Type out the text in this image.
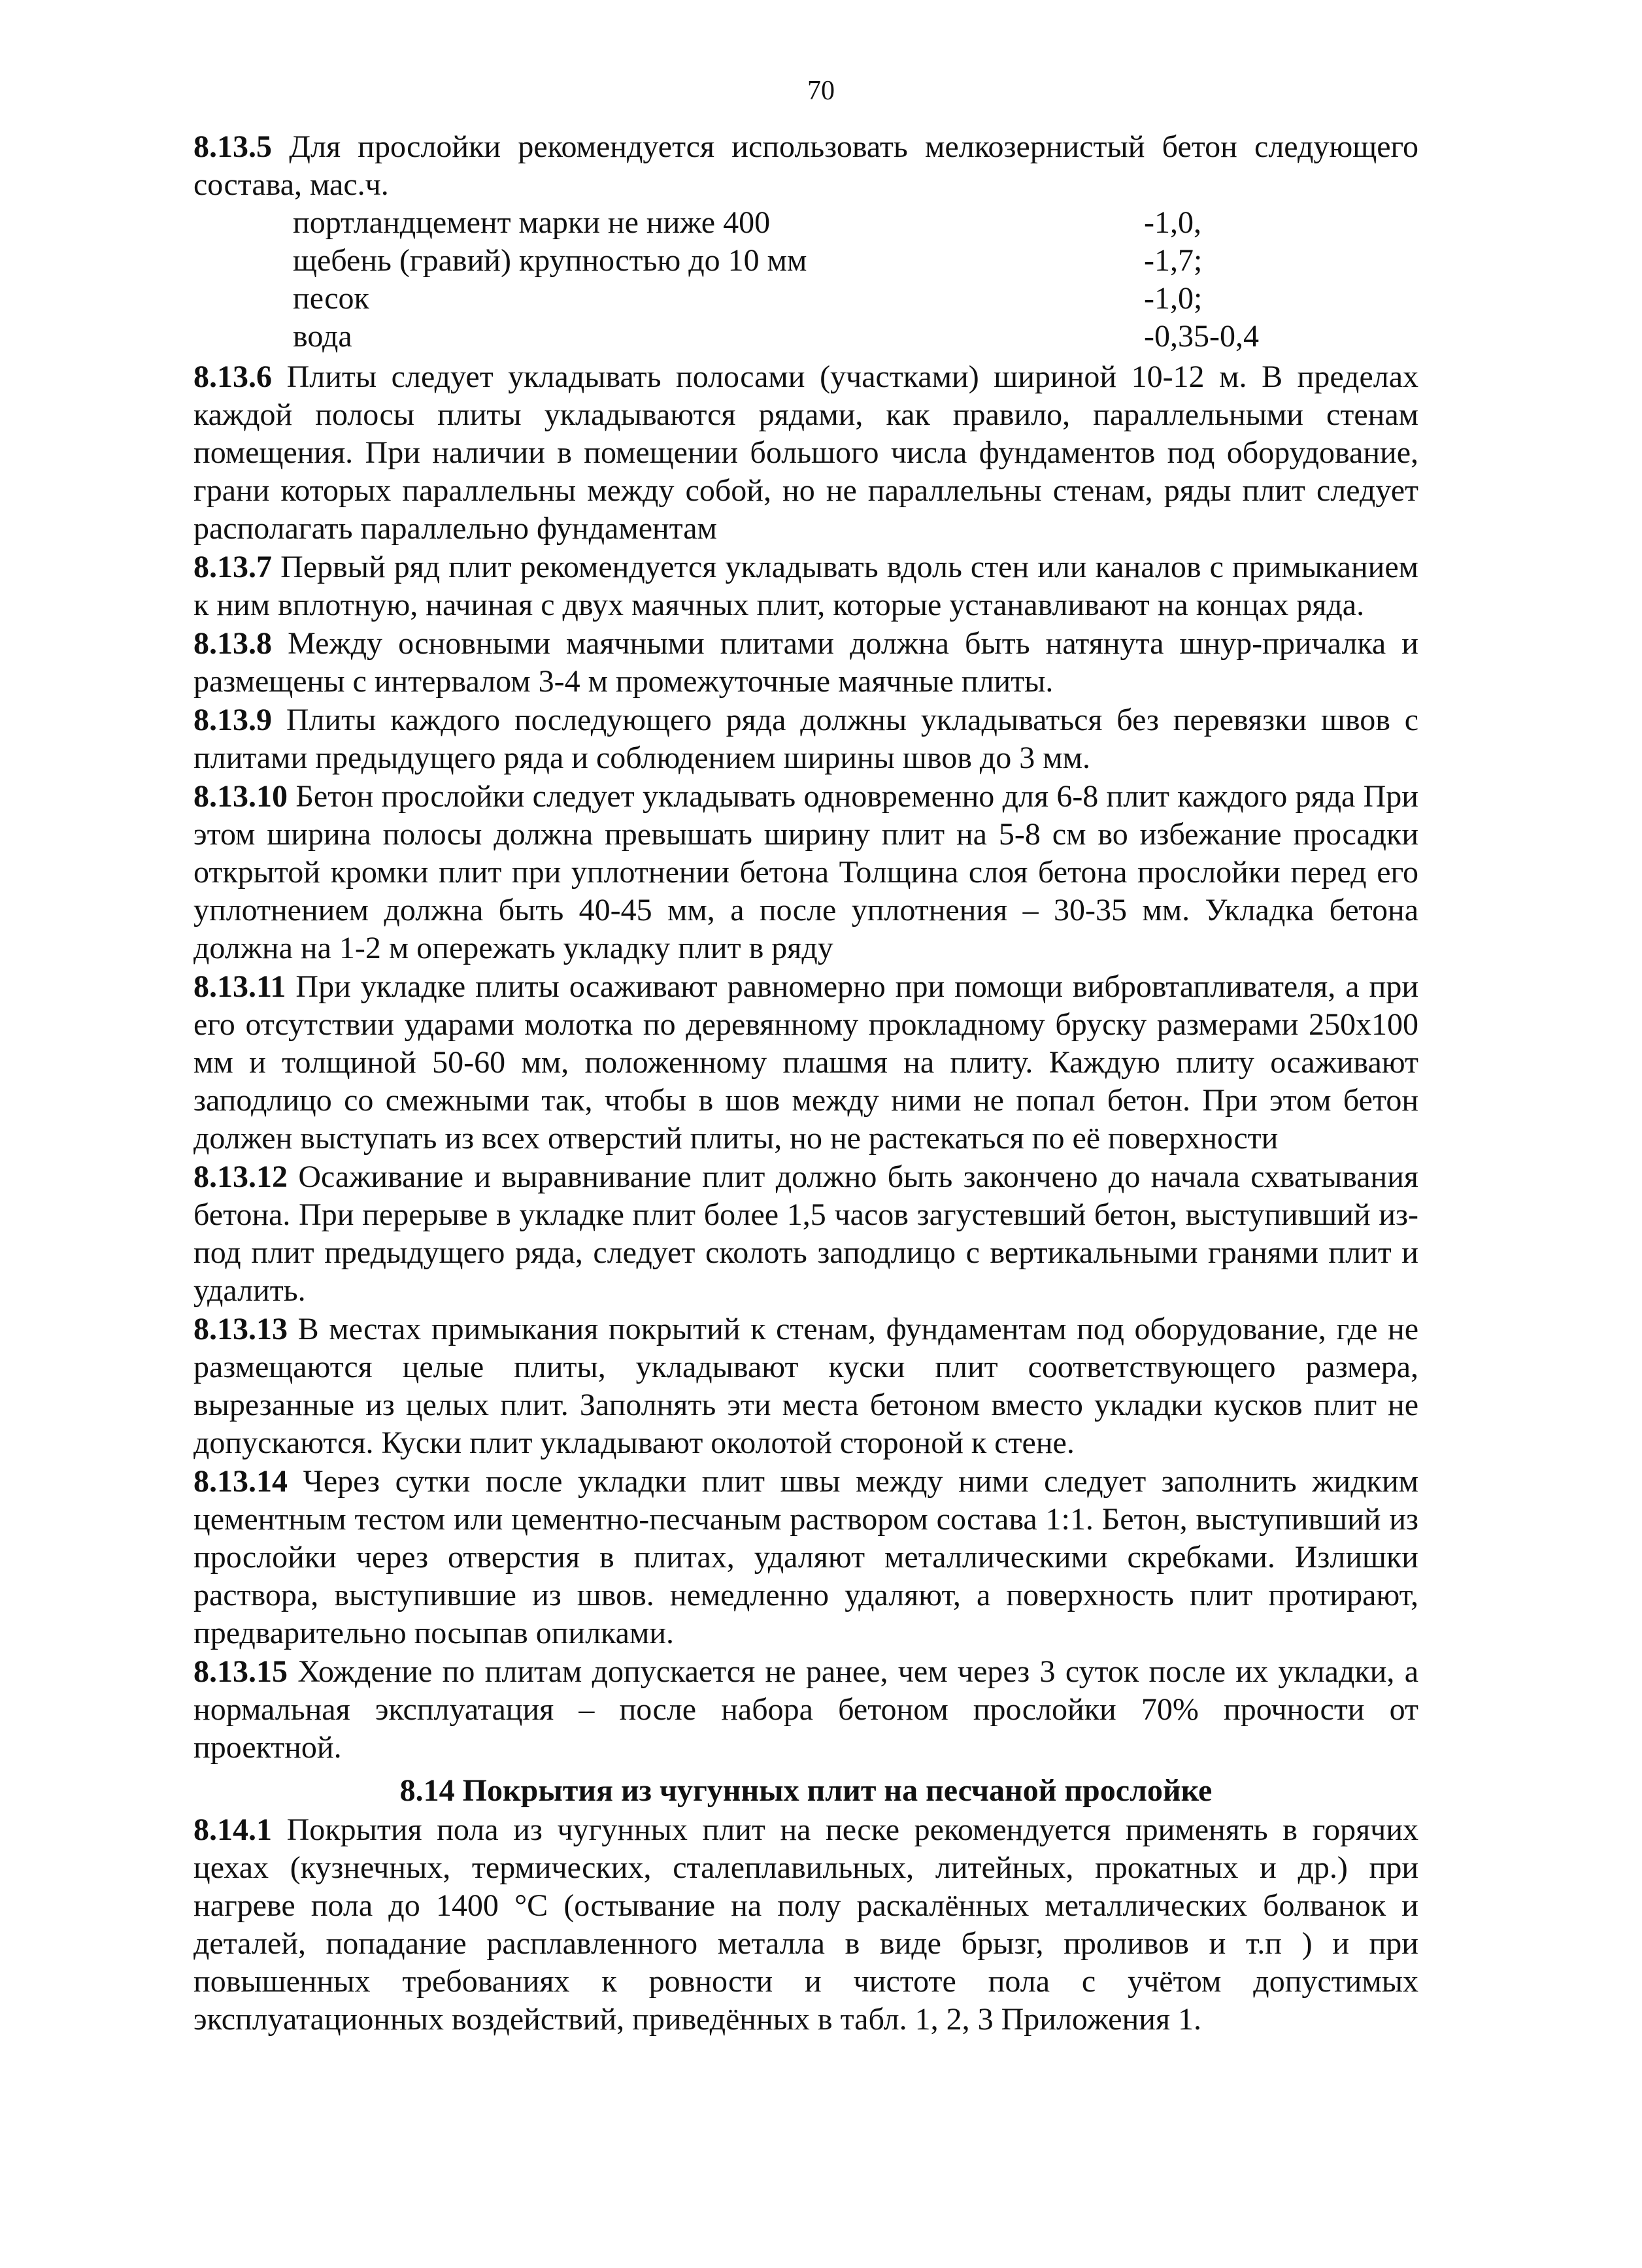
70

8.13.5 Для прослойки рекомендуется использовать мелкозернистый бетон следующего состава, мас.ч.

портландцемент марки не ниже 400	-1,0,
щебень (гравий) крупностью до 10 мм	-1,7;
песок	-1,0;
вода	-0,35-0,4

8.13.6 Плиты следует укладывать полосами (участками) шириной 10-12 м. В пределах каждой полосы плиты укладываются рядами, как правило, параллельными стенам помещения. При наличии в помещении большого числа фундаментов под оборудование, грани которых параллельны между собой, но не параллельны стенам, ряды плит следует располагать параллельно фундаментам

8.13.7 Первый ряд плит рекомендуется укладывать вдоль стен или каналов с примыканием к ним вплотную, начиная с двух маячных плит, которые устанавливают на концах ряда.

8.13.8 Между основными маячными плитами должна быть натянута шнур-причалка и размещены с интервалом 3-4 м промежуточные маячные плиты.

8.13.9 Плиты каждого последующего ряда должны укладываться без перевязки швов с плитами предыдущего ряда и соблюдением ширины швов до 3 мм.

8.13.10 Бетон прослойки следует укладывать одновременно для 6-8 плит каждого ряда При этом ширина полосы должна превышать ширину плит на 5-8 см во избежание просадки открытой кромки плит при уплотнении бетона Толщина слоя бетона прослойки перед его уплотнением должна быть 40-45 мм, а после уплотнения – 30-35 мм. Укладка бетона должна на 1-2 м опережать укладку плит в ряду

8.13.11 При укладке плиты осаживают равномерно при помощи вибровтапливателя, а при его отсутствии ударами молотка по деревянному прокладному бруску размерами 250x100 мм и толщиной 50-60 мм, положенному плашмя на плиту. Каждую плиту осаживают заподлицо со смежными так, чтобы в шов между ними не попал бетон. При этом бетон должен выступать из всех отверстий плиты, но не растекаться по её поверхности

8.13.12 Осаживание и выравнивание плит должно быть закончено до начала схватывания бетона. При перерыве в укладке плит более 1,5 часов загустевший бетон, выступивший из-под плит предыдущего ряда, следует сколоть заподлицо с вертикальными гранями плит и удалить.

8.13.13 В местах примыкания покрытий к стенам, фундаментам под оборудование, где не размещаются целые плиты, укладывают куски плит соответствующего размера, вырезанные из целых плит. Заполнять эти места бетоном вместо укладки кусков плит не допускаются. Куски плит укладывают околотой стороной к стене.

8.13.14 Через сутки после укладки плит швы между ними следует заполнить жидким цементным тестом или цементно-песчаным раствором состава 1:1. Бетон, выступивший из прослойки через отверстия в плитах, удаляют металлическими скребками. Излишки раствора, выступившие из швов. немедленно удаляют, а поверхность плит протирают, предварительно посыпав опилками.

8.13.15 Хождение по плитам допускается не ранее, чем через 3 суток после их укладки, а нормальная эксплуатация – после набора бетоном прослойки 70% прочности от проектной.

8.14 Покрытия из чугунных плит на песчаной прослойке

8.14.1 Покрытия пола из чугунных плит на песке рекомендуется применять в горячих цехах (кузнечных, термических, сталеплавильных, литейных, прокатных и др.) при нагреве пола до 1400 °С (остывание на полу раскалённых металлических болванок и деталей, попадание расплавленного металла в виде брызг, проливов и т.п ) и при повышенных требованиях к ровности и чистоте пола с учётом допустимых эксплуатационных воздействий, приведённых в табл. 1, 2, 3 Приложения 1.
